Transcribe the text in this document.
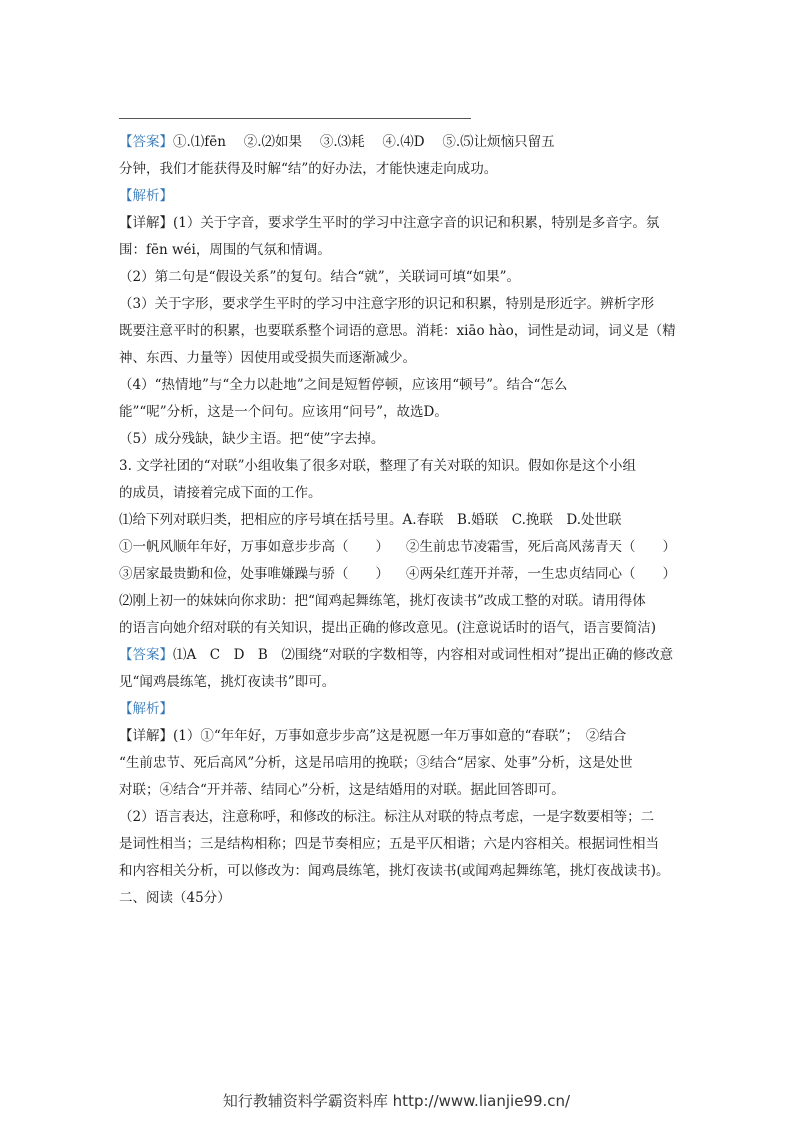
【答案】①.⑴fēn　 ②.⑵如果　 ③.⑶耗　 ④.⑷D　 ⑤.⑸让烦恼只留五

分钟，我们才能获得及时解“结”的好办法，才能快速走向成功。

【解析】

【详解】(1）关于字音，要求学生平时的学习中注意字音的识记和积累，特别是多音字。氛

围：fēn wéi，周围的气氛和情调。

（2）第二句是“假设关系”的复句。结合“就”，关联词可填“如果”。

（3）关于字形，要求学生平时的学习中注意字形的识记和积累，特别是形近字。辨析字形

既要注意平时的积累，也要联系整个词语的意思。消耗：xiāo hào，词性是动词，词义是（精

神、东西、力量等）因使用或受损失而逐渐减少。

（4）“热情地”与“全力以赴地”之间是短暂停顿，应该用“顿号”。结合“怎么

能”“呢”分析，这是一个问句。应该用“问号”，故选D。

（5）成分残缺，缺少主语。把“使”字去掉。

3. 文学社团的“对联”小组收集了很多对联，整理了有关对联的知识。假如你是这个小组

的成员，请接着完成下面的工作。

⑴给下列对联归类，把相应的序号填在括号里。A.春联　B.婚联　C.挽联　D.处世联

①一帆风顺年年好，万事如意步步高（　　） ②生前忠节凌霜雪，死后高风荡青天（　　）
③居家最贵勤和俭，处事唯嫌躁与骄（　　） ④两朵红莲开并蒂，一生忠贞结同心（　　）

⑵刚上初一的妹妹向你求助：把“闻鸡起舞练笔，挑灯夜读书”改成工整的对联。请用得体

的语言向她介绍对联的有关知识，提出正确的修改意见。(注意说话时的语气，语言要简洁)

【答案】⑴A　C　D　B　⑵围绕“对联的字数相等，内容相对或词性相对”提出正确的修改意

见“闻鸡晨练笔，挑灯夜读书”即可。

【解析】

【详解】(1）①“年年好，万事如意步步高”这是祝愿一年万事如意的“春联”；　②结合

“生前忠节、死后高风”分析，这是吊唁用的挽联；③结合“居家、处事”分析，这是处世

对联；④结合“开并蒂、结同心”分析，这是结婚用的对联。据此回答即可。

（2）语言表达，注意称呼，和修改的标注。标注从对联的特点考虑，一是字数要相等；二

是词性相当；三是结构相称；四是节奏相应；五是平仄相谐；六是内容相关。根据词性相当

和内容相关分析，可以修改为：闻鸡晨练笔，挑灯夜读书(或闻鸡起舞练笔，挑灯夜战读书)。

二、阅读（45分）

知行教辅资料学霸资料库 http://www.lianjie99.cn/
